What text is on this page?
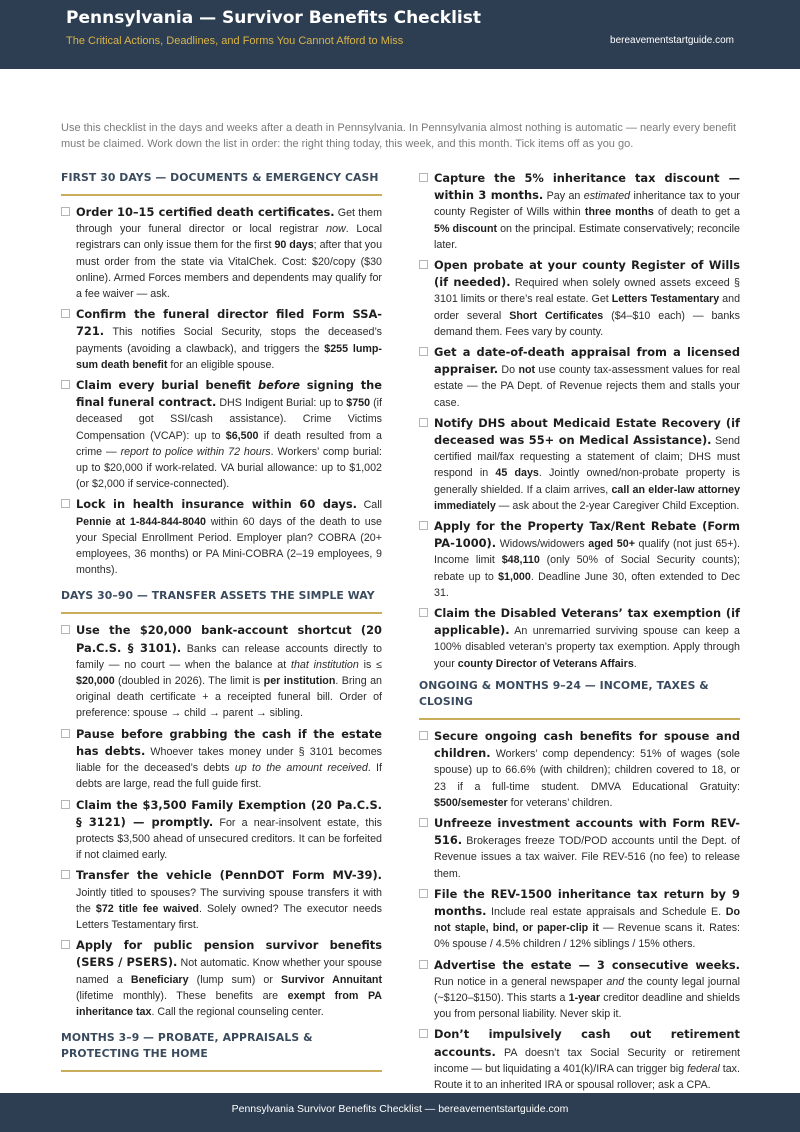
Pennsylvania — Survivor Benefits Checklist
The Critical Actions, Deadlines, and Forms You Cannot Afford to Miss	bereavementstartguide.com

Use this checklist in the days and weeks after a death in Pennsylvania. In Pennsylvania almost nothing is automatic — nearly every benefit must be claimed. Work down the list in order: the right thing today, this week, and this month. Tick items off as you go.

FIRST 30 DAYS — DOCUMENTS & EMERGENCY CASH
Order 10–15 certified death certificates. Get them through your funeral director or local registrar now. Local registrars can only issue them for the first 90 days; after that you must order from the state via VitalChek. Cost: $20/copy ($30 online). Armed Forces members and dependents may qualify for a fee waiver — ask.
Confirm the funeral director filed Form SSA-721. This notifies Social Security, stops the deceased’s payments (avoiding a clawback), and triggers the $255 lump-sum death benefit for an eligible spouse.
Claim every burial benefit before signing the final funeral contract. DHS Indigent Burial: up to $750 (if deceased got SSI/cash assistance). Crime Victims Compensation (VCAP): up to $6,500 if death resulted from a crime — report to police within 72 hours. Workers’ comp burial: up to $20,000 if work-related. VA burial allowance: up to $1,002 (or $2,000 if service-connected).
Lock in health insurance within 60 days. Call Pennie at 1-844-844-8040 within 60 days of the death to use your Special Enrollment Period. Employer plan? COBRA (20+ employees, 36 months) or PA Mini-COBRA (2–19 employees, 9 months).
DAYS 30–90 — TRANSFER ASSETS THE SIMPLE WAY
Use the $20,000 bank-account shortcut (20 Pa.C.S. § 3101). Banks can release accounts directly to family — no court — when the balance at that institution is ≤ $20,000 (doubled in 2026). The limit is per institution. Bring an original death certificate + a receipted funeral bill. Order of preference: spouse → child → parent → sibling.
Pause before grabbing the cash if the estate has debts. Whoever takes money under § 3101 becomes liable for the deceased’s debts up to the amount received. If debts are large, read the full guide first.
Claim the $3,500 Family Exemption (20 Pa.C.S. § 3121) — promptly. For a near-insolvent estate, this protects $3,500 ahead of unsecured creditors. It can be forfeited if not claimed early.
Transfer the vehicle (PennDOT Form MV-39). Jointly titled to spouses? The surviving spouse transfers it with the $72 title fee waived. Solely owned? The executor needs Letters Testamentary first.
Apply for public pension survivor benefits (SERS / PSERS). Not automatic. Know whether your spouse named a Beneficiary (lump sum) or Survivor Annuitant (lifetime monthly). These benefits are exempt from PA inheritance tax. Call the regional counseling center.
MONTHS 3–9 — PROBATE, APPRAISALS & PROTECTING THE HOME
Capture the 5% inheritance tax discount — within 3 months. Pay an estimated inheritance tax to your county Register of Wills within three months of death to get a 5% discount on the principal. Estimate conservatively; reconcile later.
Open probate at your county Register of Wills (if needed). Required when solely owned assets exceed § 3101 limits or there’s real estate. Get Letters Testamentary and order several Short Certificates ($4–$10 each) — banks demand them. Fees vary by county.
Get a date-of-death appraisal from a licensed appraiser. Do not use county tax-assessment values for real estate — the PA Dept. of Revenue rejects them and stalls your case.
Notify DHS about Medicaid Estate Recovery (if deceased was 55+ on Medical Assistance). Send certified mail/fax requesting a statement of claim; DHS must respond in 45 days. Jointly owned/non-probate property is generally shielded. If a claim arrives, call an elder-law attorney immediately — ask about the 2-year Caregiver Child Exception.
Apply for the Property Tax/Rent Rebate (Form PA-1000). Widows/widowers aged 50+ qualify (not just 65+). Income limit $48,110 (only 50% of Social Security counts); rebate up to $1,000. Deadline June 30, often extended to Dec 31.
Claim the Disabled Veterans’ tax exemption (if applicable). An unremarried surviving spouse can keep a 100% disabled veteran’s property tax exemption. Apply through your county Director of Veterans Affairs.
ONGOING & MONTHS 9–24 — INCOME, TAXES & CLOSING
Secure ongoing cash benefits for spouse and children. Workers’ comp dependency: 51% of wages (sole spouse) up to 66.6% (with children); children covered to 18, or 23 if a full-time student. DMVA Educational Gratuity: $500/semester for veterans’ children.
Unfreeze investment accounts with Form REV-516. Brokerages freeze TOD/POD accounts until the Dept. of Revenue issues a tax waiver. File REV-516 (no fee) to release them.
File the REV-1500 inheritance tax return by 9 months. Include real estate appraisals and Schedule E. Do not staple, bind, or paper-clip it — Revenue scans it. Rates: 0% spouse / 4.5% children / 12% siblings / 15% others.
Advertise the estate — 3 consecutive weeks. Run notice in a general newspaper and the county legal journal (~$120–$150). This starts a 1-year creditor deadline and shields you from personal liability. Never skip it.
Don’t impulsively cash out retirement accounts. PA doesn’t tax Social Security or retirement income — but liquidating a 401(k)/IRA can trigger big federal tax. Route it to an inherited IRA or spousal rollover; ask a CPA.
Pennsylvania Survivor Benefits Checklist — bereavementstartguide.com
